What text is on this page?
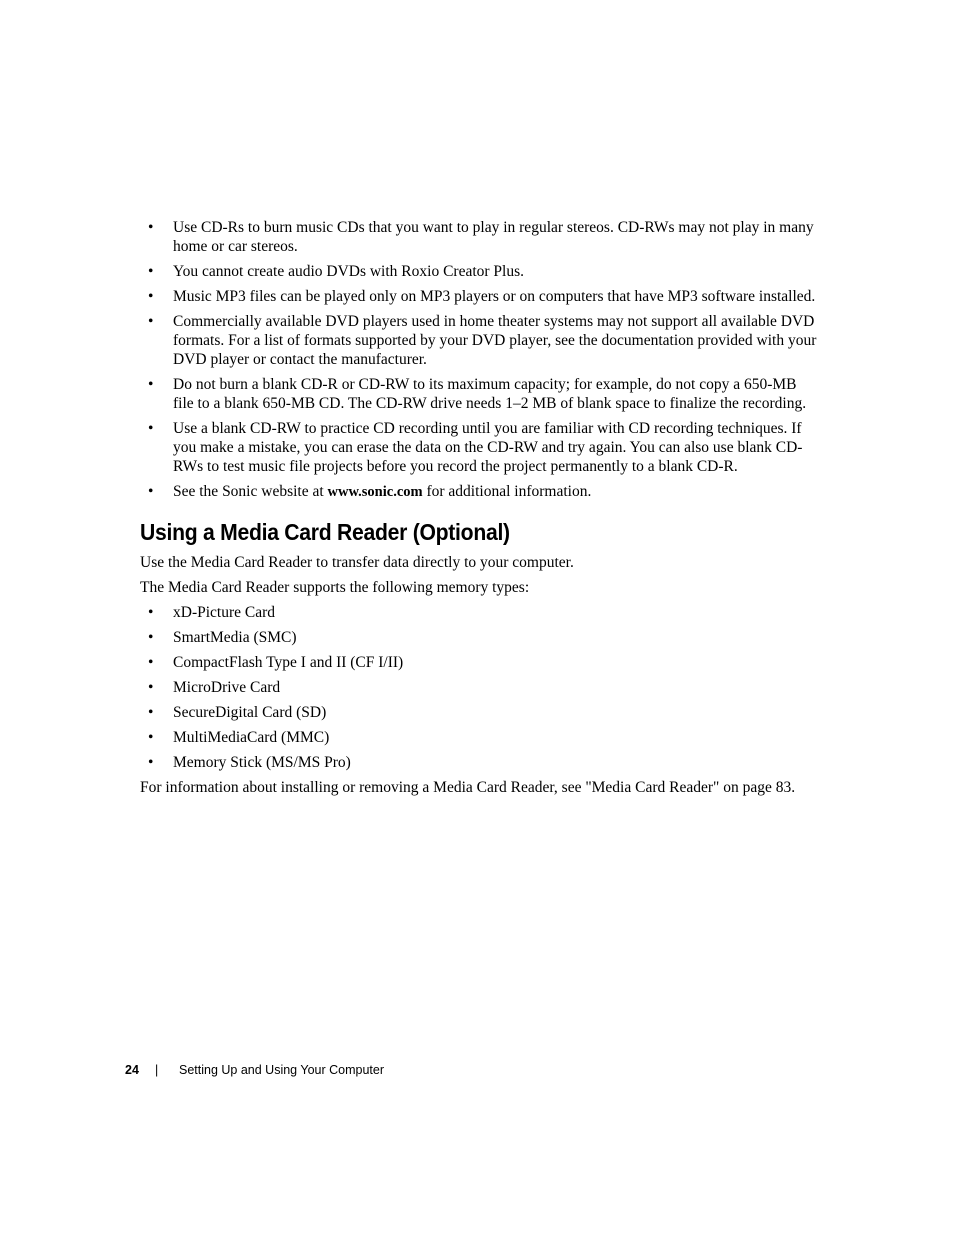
• Use CD-Rs to burn music CDs that you want to play in regular stereos. CD-RWs may not play in many home or car stereos.
• You cannot create audio DVDs with Roxio Creator Plus.
• Music MP3 files can be played only on MP3 players or on computers that have MP3 software installed.
• Commercially available DVD players used in home theater systems may not support all available DVD formats. For a list of formats supported by your DVD player, see the documentation provided with your DVD player or contact the manufacturer.
• Do not burn a blank CD-R or CD-RW to its maximum capacity; for example, do not copy a 650-MB file to a blank 650-MB CD. The CD-RW drive needs 1–2 MB of blank space to finalize the recording.
• Use a blank CD-RW to practice CD recording until you are familiar with CD recording techniques. If you make a mistake, you can erase the data on the CD-RW and try again. You can also use blank CD-RWs to test music file projects before you record the project permanently to a blank CD-R.
• See the Sonic website at www.sonic.com for additional information.
Using a Media Card Reader (Optional)

Use the Media Card Reader to transfer data directly to your computer.

The Media Card Reader supports the following memory types:

• xD-Picture Card
• SmartMedia (SMC)
• CompactFlash Type I and II (CF I/II)
• MicroDrive Card
• SecureDigital Card (SD)
• MultiMediaCard (MMC)
• Memory Stick (MS/MS Pro)

For information about installing or removing a Media Card Reader, see "Media Card Reader" on page 83.

24 | Setting Up and Using Your Computer
